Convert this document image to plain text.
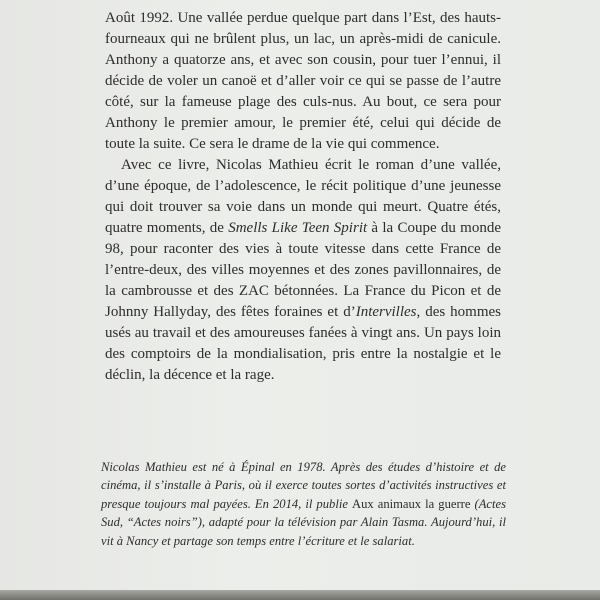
Août 1992. Une vallée perdue quelque part dans l’Est, des hauts-fourneaux qui ne brûlent plus, un lac, un après-midi de canicule. Anthony a quatorze ans, et avec son cousin, pour tuer l’ennui, il décide de voler un canoë et d’aller voir ce qui se passe de l’autre côté, sur la fameuse plage des culs-nus. Au bout, ce sera pour Anthony le premier amour, le premier été, celui qui décide de toute la suite. Ce sera le drame de la vie qui commence.

Avec ce livre, Nicolas Mathieu écrit le roman d’une vallée, d’une époque, de l’adolescence, le récit politique d’une jeunesse qui doit trouver sa voie dans un monde qui meurt. Quatre étés, quatre moments, de Smells Like Teen Spirit à la Coupe du monde 98, pour raconter des vies à toute vitesse dans cette France de l’entre-deux, des villes moyennes et des zones pavillonnaires, de la cambrousse et des ZAC bétonnées. La France du Picon et de Johnny Hallyday, des fêtes foraines et d’Intervilles, des hommes usés au travail et des amoureuses fanées à vingt ans. Un pays loin des comptoirs de la mondialisation, pris entre la nostalgie et le déclin, la décence et la rage.

Nicolas Mathieu est né à Épinal en 1978. Après des études d’histoire et de cinéma, il s’installe à Paris, où il exerce toutes sortes d’activités instructives et presque toujours mal payées. En 2014, il publie Aux animaux la guerre (Actes Sud, “Actes noirs”), adapté pour la télévision par Alain Tasma. Aujourd’hui, il vit à Nancy et partage son temps entre l’écriture et le salariat.
